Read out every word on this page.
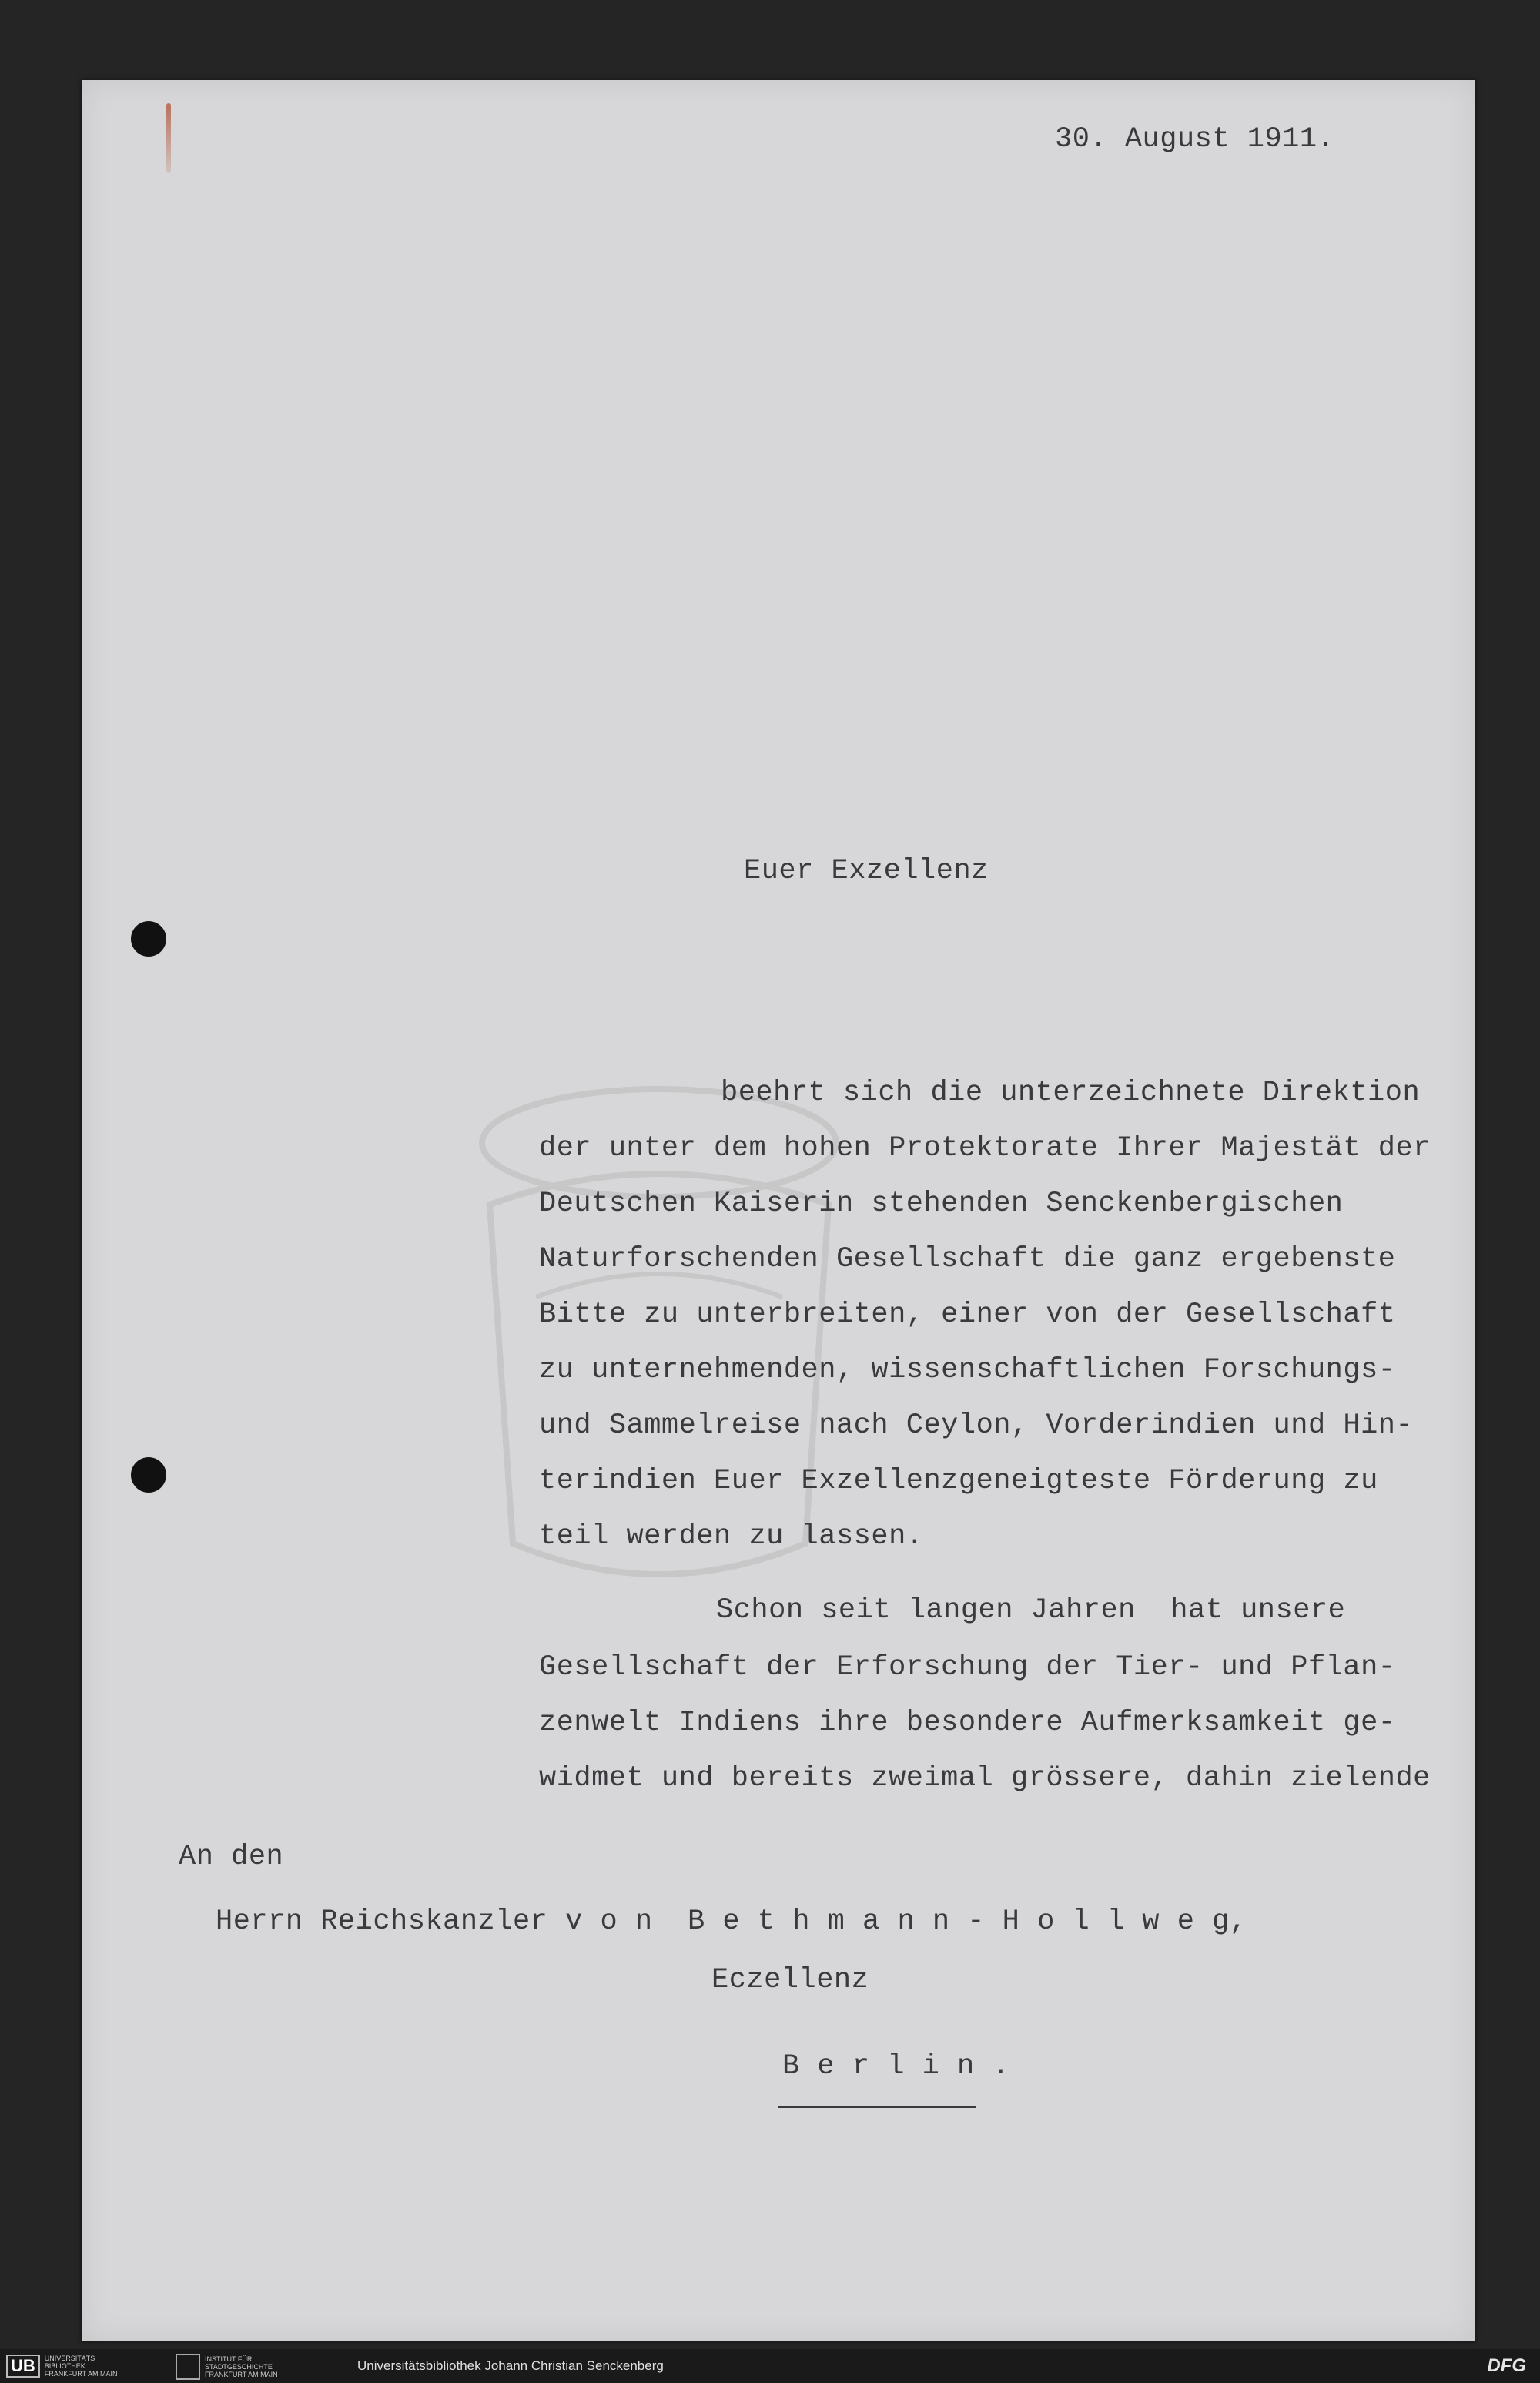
30. August 1911.
Euer Exzellenz
beehrt sich die unterzeichnete Direktion
der unter dem hohen Protektorate Ihrer Majestät der
Deutschen Kaiserin stehenden Senckenbergischen
Naturforschenden Gesellschaft die ganz ergebenste
Bitte zu unterbreiten, einer von der Gesellschaft
zu unternehmenden, wissenschaftlichen Forschungs-
und Sammelreise nach Ceylon, Vorderindien und Hin-
terindien Euer Exzellenzgeneigteste Förderung zu
teil werden zu lassen.
Schon seit langen Jahren  hat unsere
Gesellschaft der Erforschung der Tier- und Pflan-
zenwelt Indiens ihre besondere Aufmerksamkeit ge-
widmet und bereits zweimal grössere, dahin zielende
An den
Herrn Reichskanzler v o n  B e t h m a n n - H o l l w e g,
Eczellenz
B e r l i n .
UB	UNIVERSITÄTS
BIBLIOTHEK
FRANKFURT AM MAIN
INSTITUT FÜR
STADTGESCHICHTE
FRANKFURT AM MAIN
Universitätsbibliothek Johann Christian Senckenberg	DFG
